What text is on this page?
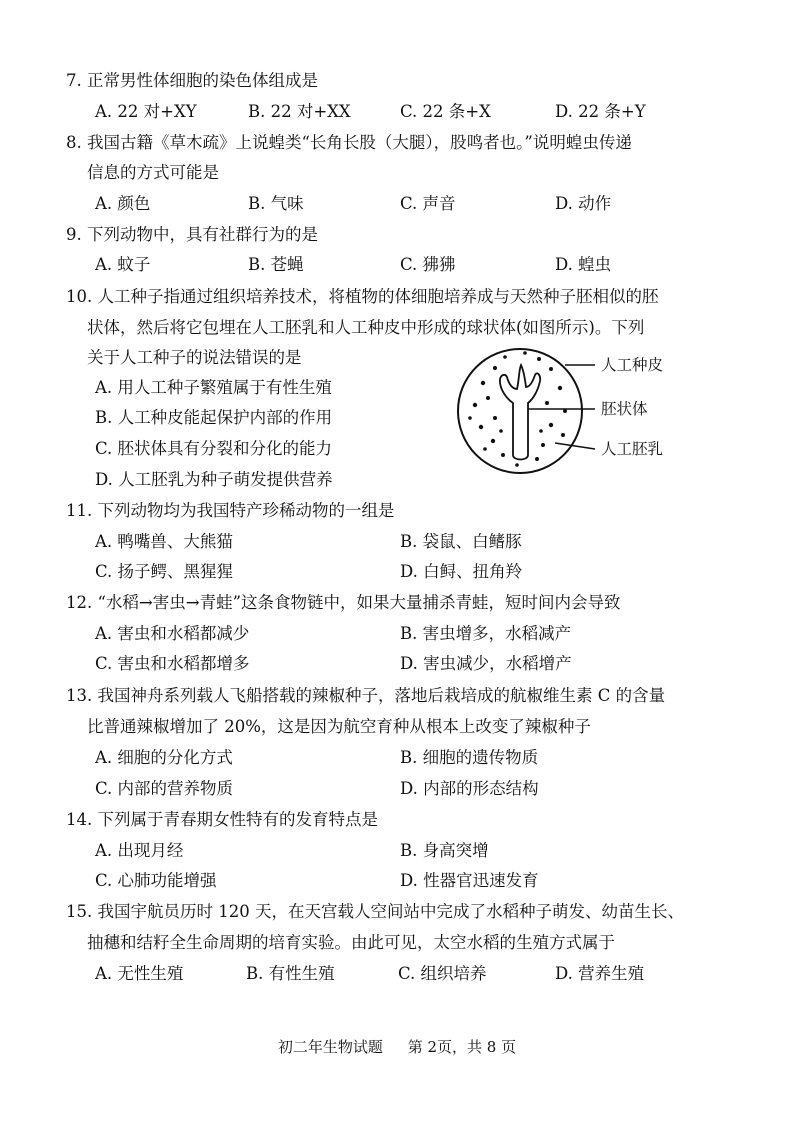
7. 正常男性体细胞的染色体组成是
A. 22 对+XY	B. 22 对+XX	C. 22 条+X	D. 22 条+Y
8. 我国古籍《草木疏》上说蝗类“长角长股（大腿），股鸣者也。”说明蝗虫传递
信息的方式可能是
A. 颜色	B. 气味	C. 声音	D. 动作
9. 下列动物中，具有社群行为的是
A. 蚊子	B. 苍蝇	C. 狒狒	D. 蝗虫
10. 人工种子指通过组织培养技术，将植物的体细胞培养成与天然种子胚相似的胚
状体，然后将它包埋在人工胚乳和人工种皮中形成的球状体(如图所示)。下列
关于人工种子的说法错误的是
A. 用人工种子繁殖属于有性生殖
B. 人工种皮能起保护内部的作用
C. 胚状体具有分裂和分化的能力
D. 人工胚乳为种子萌发提供营养
人工种皮
胚状体
人工胚乳
11. 下列动物均为我国特产珍稀动物的一组是
A. 鸭嘴兽、大熊猫	B. 袋鼠、白鳍豚
C. 扬子鳄、黑猩猩	D. 白鲟、扭角羚
12. “水稻→害虫→青蛙”这条食物链中，如果大量捕杀青蛙，短时间内会导致
A. 害虫和水稻都减少	B. 害虫增多，水稻减产
C. 害虫和水稻都增多	D. 害虫减少，水稻增产
13. 我国神舟系列载人飞船搭载的辣椒种子，落地后栽培成的航椒维生素 C 的含量
比普通辣椒增加了 20%，这是因为航空育种从根本上改变了辣椒种子
A. 细胞的分化方式	B. 细胞的遗传物质
C. 内部的营养物质	D. 内部的形态结构
14. 下列属于青春期女性特有的发育特点是
A. 出现月经	B. 身高突增
C. 心肺功能增强	D. 性器官迅速发育
15. 我国宇航员历时 120 天，在天宫载人空间站中完成了水稻种子萌发、幼苗生长、
抽穗和结籽全生命周期的培育实验。由此可见，太空水稻的生殖方式属于
A. 无性生殖	B. 有性生殖	C. 组织培养	D. 营养生殖
初二年生物试题 第 2页，共 8 页
